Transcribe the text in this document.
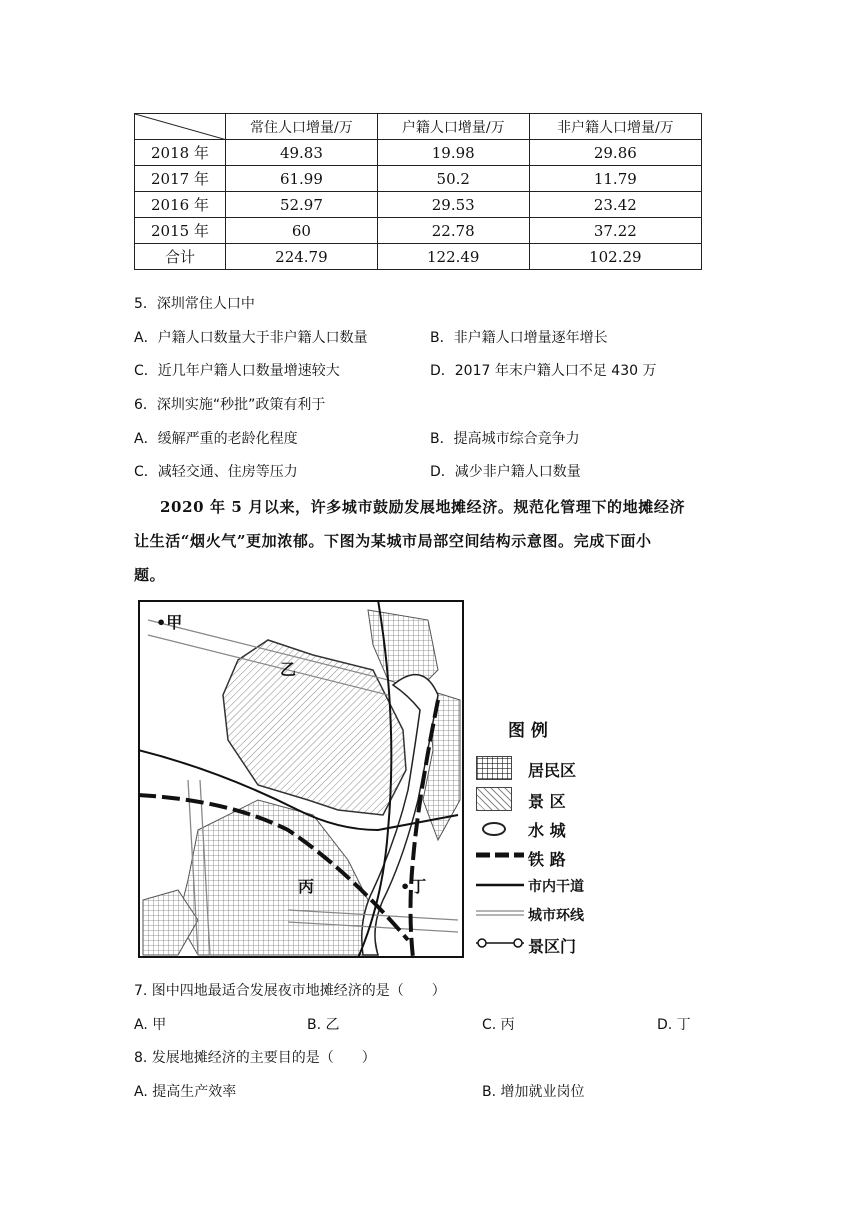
	常住人口增量/万	户籍人口增量/万	非户籍人口增量/万
2018 年	49.83	19.98	29.86
2017 年	61.99	50.2	11.79
2016 年	52.97	29.53	23.42
2015 年	60	22.78	37.22
合计	224.79	122.49	102.29
5．深圳常住人口中
A．户籍人口数量大于非户籍人口数量	B．非户籍人口增量逐年增长
C．近几年户籍人口数量增速较大	D．2017 年末户籍人口不足 430 万
6．深圳实施“秒批”政策有利于
A．缓解严重的老龄化程度	B．提高城市综合竞争力
C．减轻交通、住房等压力	D．减少非户籍人口数量
2020 年 5 月以来，许多城市鼓励发展地摊经济。规范化管理下的地摊经济
让生活“烟火气”更加浓郁。下图为某城市局部空间结构示意图。完成下面小
题。
•甲
乙
丙	•丁
图 例
居民区
景 区
水 城
铁 路
市内干道
城市环线
景区门
7. 图中四地最适合发展夜市地摊经济的是（　　）
A. 甲	B. 乙	C. 丙	D. 丁
8. 发展地摊经济的主要目的是（　　）
A. 提高生产效率	B. 增加就业岗位
